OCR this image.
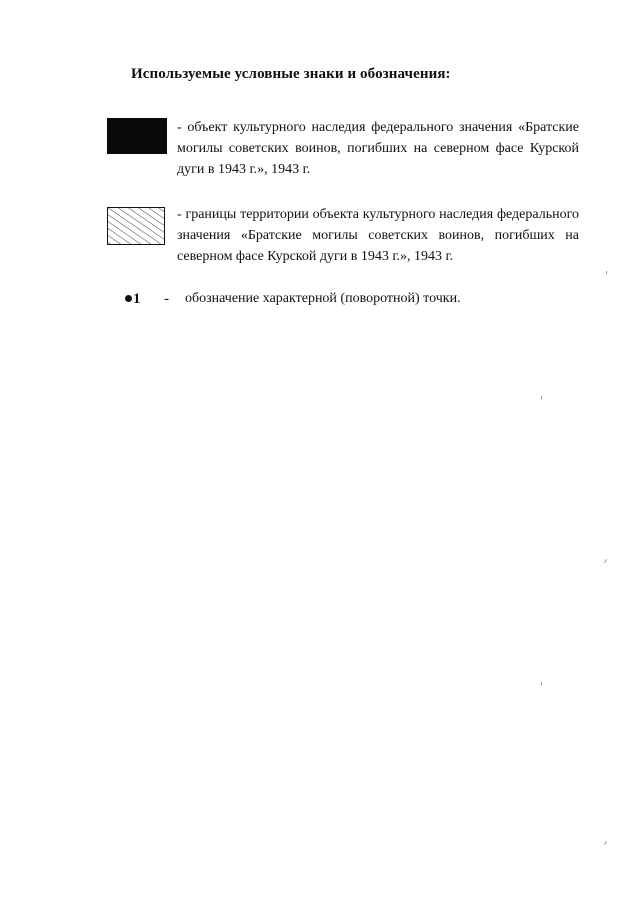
Используемые условные знаки и обозначения:
- объект культурного наследия федерального значения «Братские могилы советских воинов, погибших на северном фасе Курской дуги в 1943 г.», 1943 г.
- границы территории объекта культурного наследия федерального значения «Братские могилы советских воинов, погибших на северном фасе Курской дуги в 1943 г.», 1943 г.
1 - обозначение характерной (поворотной) точки.
